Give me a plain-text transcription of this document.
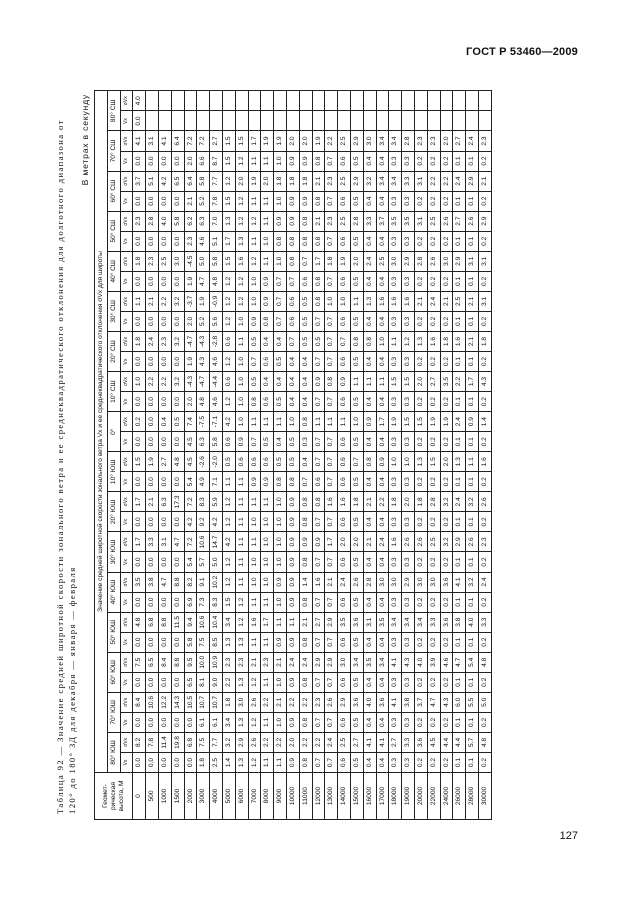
ГОСТ Р 53460—2009
Таблица 92 — Значение средней широтной скорости зонального ветра и ее среднеквадратического отклонения для долготного диапазона от 120° до 180° ЗД для декабря — января — февраля
В метрах в секунду
Геомет-рическая высота, М	Значение средней широтной скорости зонального ветра Vx и ее среднеквадратического отклонения σVx для широты																																	
	80° ЮШ		70° ЮШ		60° ЮШ		50° ЮШ		40° ЮШ		30° ЮШ		20° ЮШ		10° ЮШ		0°		10° СШ		20° СШ		30° СШ		40° СШ		50° СШ		60° СШ		70° СШ		80° СШ	
	Vx	σVx	Vx	σVx	Vx	σVx	Vx	σVx	Vx	σVx	Vx	σVx	Vx	σVx	Vx	σVx	Vx	σVx	Vx	σVx	Vx	σVx	Vx	σVx	Vx	σVx	Vx	σVx	Vx	σVx	Vx	σVx	Vx	σVx
0	0.0	8.2	0.0	8.4	0.0	7.5	0.0	4.8	0.0	3.5	0.0	1.7	0.0	1.7	0.0	1.5	0.0	0.2	0.0	1.0	0.0	1.8	0.0	1.1	0.0	1.8	0.0	2.3	0.0	3.7	0.0	4.1	0.0	4.0
500	0.0	7.8	0.0	10.6	0.0	6.5	0.0	6.8	0.0	3.8	0.0	3.3	0.0	2.1	0.0	1.9	0.0	0.0	0.0	2.2	0.0	2.4	0.0	2.1	0.0	2.3	0.0	2.8	0.0	5.1	0.0	3.1		
1000	0.0	11.4	0.0	12.2	0.0	8.4	0.0	8.8	0.0	4.7	0.0	3.1	0.0	6.3	0.0	2.7	0.0	0.4	0.0	2.2	0.0	2.3	0.0	2.2	0.0	2.5	0.0	4.0	0.0	4.2	0.0	4.1		
1500	0.0	19.8	0.0	14.3	0.0	8.8	0.0	11.5	0.0	8.8	0.0	4.7	0.0	17.3	0.0	4.8	0.0	0.5	0.0	3.2	0.0	3.2	0.0	3.2	0.0	3.0	0.0	5.8	0.0	6.5	0.0	6.4		
2000	0.0	6.8	0.0	10.5	6.5	9.5	5.8	9.4	6.9	8.2	5.4	7.2	4.2	7.2	5.4	4.5	4.5	7.4	2.0	-4.3	1.9	-4.7	2.0	-3.7	1.9	-4.5	2.3	6.2	2.1	6.4	2.0	7.2		
3000	1.8	7.5	6.1	10.7	8.1	10.0	7.5	10.6	7.3	9.1	5.7	10.6	9.2	8.3	4.9	-2.6	6.3	-7.5	4.8	-4.7	4.3	-4.3	5.2	1.9	4.7	5.0	4.6	6.3	5.2	5.8	6.6	7.2		
4000	2.5	7.7	6.1	10.7	9.0	10.9	8.5	10.4	8.3	10.2	5.0	14.7	4.2	5.9	7.1	-2.0	5.8	-7.1	4.6	-4.4	4.6	-2.8	5.6	-0.9	4.8	5.8	5.1	7.0	7.8	7.7	8.7	2.7		
5000	1.4	3.2	3.4	1.8	2.2	2.3	1.3	3.4	1.5	1.2	1.2	4.2	1.2	1.2	1.1	0.5	0.6	4.2	1.2	0.6	1.2	0.6	1.2	1.2	1.2	1.5	1.7	1.3	1.5	1.2	1.5	1.5		
6000	1.3	2.9	1.3	3.0	1.3	2.3	1.3	1.2	1.2	1.1	1.1	1.1	1.1	1.1	1.1	0.6	0.9	1.0	1.0	1.0	1.0	1.1	1.0	1.2	1.2	1.6	1.3	1.2	1.2	2.0	1.2	1.5		
7000	1.2	2.6	1.2	2.6	1.2	2.1	1.1	1.6	1.1	1.0	1.0	1.1	1.0	1.1	0.9	0.6	0.7	1.1	0.8	0.5	0.7	0.5	0.9	1.0	1.0	1.2	1.1	1.2	1.1	1.9	1.1	1.7		
8000	1.1	2.2	1.1	2.2	1.1	2.3	1.1	1.7	1.1	1.0	1.0	1.0	1.0	1.1	0.9	0.6	0.5	1.1	0.6	0.4	0.6	0.4	0.8	0.9	0.9	1.1	1.0	1.1	1.1	2.0	1.1	1.9		
9000	1.1	2.2	1.0	2.1	1.0	2.1	0.9	1.1	1.0	0.9	1.0	1.0	1.0	1.0	0.8	0.5	0.4	1.1	0.5	0.4	0.5	0.4	0.7	0.7	0.7	1.0	0.8	0.9	1.0	1.8	1.0	1.9		
10000	0.9	2.0	0.9	2.2	0.9	2.4	0.9	1.1	0.9	0.9	0.9	0.9	0.9	0.9	0.8	0.5	0.5	1.0	0.4	0.4	0.4	0.7	0.6	0.6	0.7	0.8	0.8	0.9	0.9	1.8	0.9	2.0		
11000	0.8	2.2	0.8	2.2	0.8	2.4	0.8	2.1	0.8	1.4	0.8	0.9	0.8	0.8	0.7	0.4	0.3	0.8	0.4	0.4	0.4	0.5	0.5	0.5	0.6	0.7	0.8	0.8	0.9	1.8	0.9	2.0		
12000	0.7	2.2	0.7	2.3	0.7	2.9	0.7	2.7	0.7	1.6	0.7	0.9	0.7	0.8	0.6	0.7	0.7	1.1	0.7	0.9	0.7	0.5	0.7	0.8	0.8	1.7	0.8	2.1	0.8	2.1	0.8	1.9		
13000	0.7	2.4	0.7	2.6	0.7	2.9	0.7	2.9	0.7	2.1	0.7	1.7	0.7	1.6	0.7	0.7	0.7	1.1	0.7	0.8	0.7	0.7	0.7	1.0	0.7	1.8	0.7	2.3	0.7	2.3	0.7	2.2		
14000	0.6	2.5	0.6	2.9	0.6	3.0	0.6	3.5	0.6	2.4	0.6	2.0	0.6	1.6	0.6	0.6	0.6	1.1	0.6	0.9	0.6	0.7	0.6	1.0	0.6	1.9	0.6	2.5	0.6	2.5	0.6	2.5		
15000	0.5	2.7	0.5	3.6	0.5	3.4	0.5	3.6	0.5	2.6	0.5	2.0	0.5	1.8	0.5	0.7	0.5	1.0	0.5	1.1	0.5	0.8	0.5	1.1	0.5	2.0	0.5	2.8	0.5	2.9	0.5	2.9		
16000	0.4	4.1	0.4	4.0	0.4	3.5	0.4	3.1	0.4	2.8	0.4	2.1	0.4	2.1	0.4	0.8	0.4	0.9	0.4	1.1	0.4	0.8	0.4	1.3	0.4	2.4	0.4	3.3	0.4	3.2	0.4	3.0		
17000	0.4	4.1	0.4	3.6	0.4	3.4	0.4	3.5	0.4	3.0	0.4	2.4	0.4	2.2	0.4	0.9	0.4	1.7	0.4	1.1	0.4	1.0	0.4	1.6	0.4	2.5	0.4	3.7	0.4	3.4	0.4	3.4		
18000	0.3	2.7	0.3	4.1	0.3	4.1	0.3	3.4	0.3	3.0	0.3	1.6	0.3	1.8	0.3	1.0	0.3	1.9	0.3	1.5	0.3	1.1	0.3	1.6	0.3	3.0	0.3	3.5	0.3	3.4	0.3	3.4		
19000	0.3	3.3	0.3	3.8	0.3	4.3	0.3	3.4	0.3	2.9	0.3	2.6	0.3	2.0	0.3	1.0	0.3	1.5	0.3	1.5	0.3	1.2	0.3	1.6	0.3	2.9	0.3	3.5	0.3	3.3	0.3	2.8		
20000	0.2	3.6	0.2	3.7	0.2	4.0	0.2	3.4	0.2	3.0	0.2	2.6	0.2	1.8	0.2	1.3	0.2	1.5	0.2	2.0	0.2	1.3	0.2	2.1	0.2	2.8	0.2	3.1	0.2	3.1	0.2	2.3		
22000	0.2	4.5	0.2	4.7	0.2	3.9	0.2	3.3	0.2	3.0	0.2	2.5	0.2	2.8	0.2	1.5	0.2	1.9	0.2	2.7	0.2	1.6	0.2	2.4	0.2	2.6	0.2	2.5	0.2	2.2	0.2	2.3		
24000	0.2	4.4	0.2	4.3	0.2	4.6	0.2	3.6	0.2	3.6	0.2	3.2	0.2	3.2	0.2	2.0	0.2	1.9	0.2	3.5	0.2	1.8	0.2	2.1	0.2	3.0	0.2	2.6	0.2	2.2	0.2	2.0		
26000	0.1	4.4	0.1	6.0	0.1	4.7	0.1	3.8	0.1	4.1	0.1	2.9	0.1	2.4	0.1	1.3	0.1	2.4	0.1	2.2	0.1	1.6	0.1	2.5	0.1	2.9	0.1	2.7	0.1	2.4	0.1	2.7		
28000	0.1	5.7	0.1	5.5	0.1	5.4	0.1	4.0	0.1	3.2	0.1	2.6	0.1	3.2	0.1	1.1	0.1	0.9	0.1	1.7	0.1	2.1	0.1	2.1	0.1	3.1	0.1	2.6	0.1	2.9	0.1	2.4		
30000	0.2	4.8	0.2	5.0	0.2	4.8	0.2	3.3	0.2	2.4	0.2	2.3	0.2	2.6	0.2	1.6	0.2	1.4	0.2	4.3	0.2	1.8	0.2	3.1	0.2	3.1	0.2	2.9	0.2	2.1	0.2	2.3		
127
